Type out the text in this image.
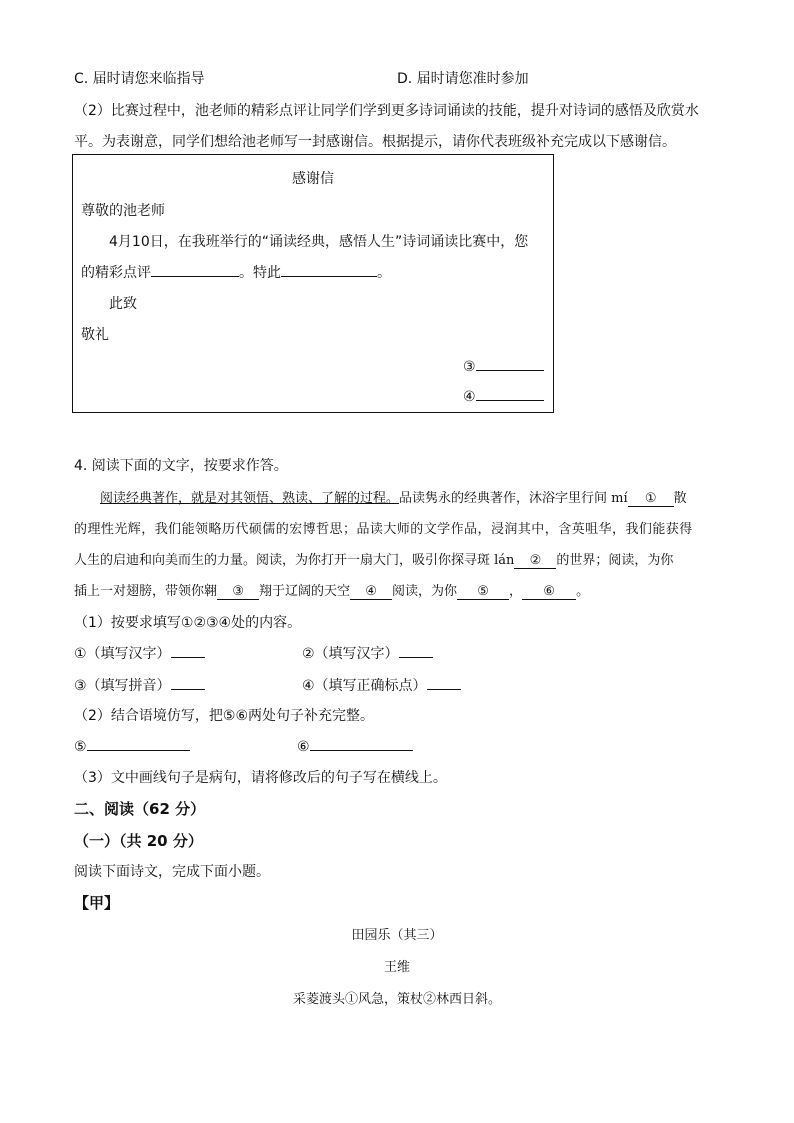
C. 届时请您来临指导	D. 届时请您准时参加
（2）比赛过程中，池老师的精彩点评让同学们学到更多诗词诵读的技能，提升对诗词的感悟及欣赏水
平。为表谢意，同学们想给池老师写一封感谢信。根据提示，请你代表班级补充完成以下感谢信。
感谢信
尊敬的池老师
4月10日，在我班举行的“诵读经典，感悟人生”诗词诵读比赛中，您
的精彩点评	。特此	。
此致
敬礼
③
④
4. 阅读下面的文字，按要求作答。
阅读经典著作，就是对其领悟、熟读、了解的过程。品读隽永的经典著作，沐浴字里行间 mí ① 散
的理性光辉，我们能领略历代硕儒的宏博哲思；品读大师的文学作品，浸润其中，含英咀华，我们能获得
人生的启迪和向美而生的力量。阅读，为你打开一扇大门，吸引你探寻斑 lán ② 的世界；阅读，为你
插上一对翅膀，带领你翱 ③ 翔于辽阔的天空 ④ 阅读，为你 ⑤ ， ⑥ 。
（1）按要求填写①②③④处的内容。
①（填写汉字）	②（填写汉字）
③（填写拼音）	④（填写正确标点）
（2）结合语境仿写，把⑤⑥两处句子补充完整。
⑤	⑥
（3）文中画线句子是病句，请将修改后的句子写在横线上。
二、阅读（62 分）
（一）（共 20 分）
阅读下面诗文，完成下面小题。
【甲】
田园乐（其三）
王维
采菱渡头①风急，策杖②林西日斜。
